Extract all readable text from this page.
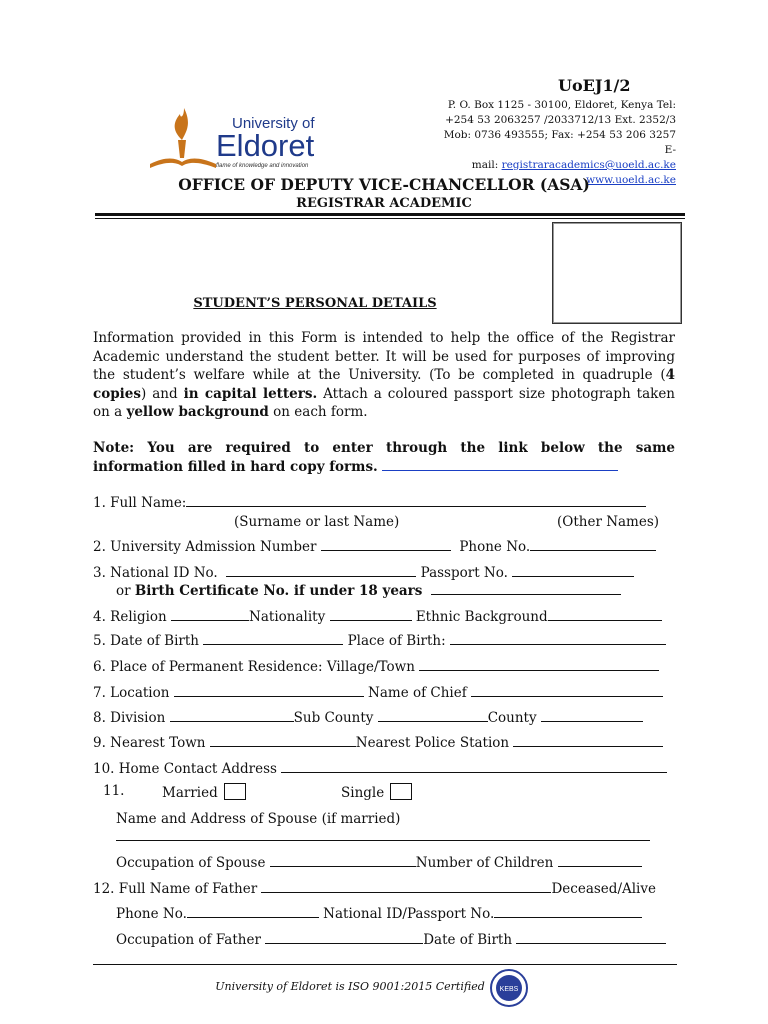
UoEJ1/2
P. O. Box 1125 - 30100, Eldoret, Kenya Tel:
+254 53 2063257 /2033712/13 Ext. 2352/3
Mob: 0736 493555; Fax: +254 53 206 3257 E-
mail: registraracademics@uoeld.ac.ke
www.uoeld.ac.ke
University of
Eldoret
flame of knowledge and innovation
OFFICE OF DEPUTY VICE-CHANCELLOR (ASA)
REGISTRAR ACADEMIC
STUDENT’S PERSONAL DETAILS
Information provided in this Form is intended to help the office of the Registrar Academic understand the student better. It will be used for purposes of improving the student’s welfare while at the University. (To be completed in quadruple (4 copies) and in capital letters. Attach a coloured passport size photograph taken on a yellow background on each form.
Note: You are required to enter through the link below the same information filled in hard copy forms.
1. Full Name:
(Surname or last Name)	(Other Names)
2. University Admission Number	Phone No.
3. National ID No.	Passport No.
or Birth Certificate No. if under 18 years
4. Religion	Nationality	Ethnic Background
5. Date of Birth	Place of Birth:
6. Place of Permanent Residence: Village/Town
7. Location	Name of Chief
8. Division	Sub County	County
9. Nearest Town	Nearest Police Station
10. Home Contact Address
11.	Married	Single
Name and Address of Spouse (if married)
Occupation of Spouse	Number of Children
12. Full Name of Father	Deceased/Alive
Phone No.	National ID/Passport No.
Occupation of Father	Date of Birth
University of Eldoret is ISO 9001:2015 Certified	KEBS
